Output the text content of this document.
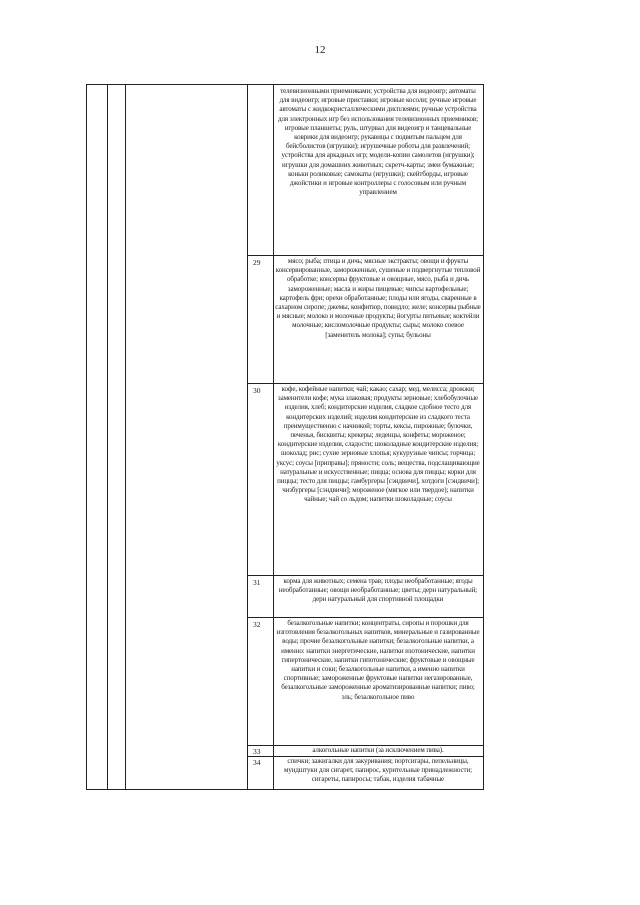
12
телевизионными приемниками; устройства для видеоигр; автоматы для видеоигр; игровые приставки; игровые косоли; ручные игровые автоматы с жидкокристаллическими дисплеями; ручные устройства для электронных игр без использования телевизионных приемников; игровые планшеты; руль, штурвал для видеоигр и танцевальные коврики для видеоигр; рукавицы с подвитым пальцем для бейсболистов (игрушки); игрушечные роботы для развлечений; устройства для аркадных игр; модели-копии самолетов (игрушки); игрушки для домашних животных; скретч-карты; змеи бумажные; коньки роликовые; самокаты (игрушки); скейтборды, игровые джойстики и игровые контроллеры с голосовым или ручным управлением
29	мясо; рыба; птица и дичь; мясные экстракты; овощи и фрукты консервированные, замороженные, сушеные и подвергнутые тепловой обработке; консервы фруктовые и овощные, мясо, рыба и дичь замороженные; масла и жиры пищевые; чипсы картофельные; картофель фри; орехи обработанные; плоды или ягоды, сваренные в сахарном сиропе; джемы, конфитюр, повидло; желе; консервы рыбные и мясные; молоко и молочные продукты; йогурты питьевые; коктейли молочные; кисломолочные продукты; сыры; молоко соевое [заменитель молока]; супы; бульоны
30	кофе, кофейные напитки; чай; какао; сахар; мед, мелисса; дрожжи; заменители кофе; мука злаковая; продукты зерновые; хлебобулочные изделия, хлеб; кондитерские изделия, сладкое сдобное тесто для кондитерских изделий; изделия кондитерские из сладкого теста преимущественно с начинкой; торты, кексы, пирожные; булочки, печенья, бисквиты; крекеры; леденцы, конфеты; мороженое; кондитерские изделия, сладости; шоколадные кондитерские изделия; шоколад; рис; сухие зерновые хлопья; кукурузные чипсы; горчица; уксус; соусы [приправы]; пряности; соль; вещества, подслащивающие натуральные и искусственные; пицца; основа для пиццы; корки для пиццы; тесто для пиццы; гамбургеры [сэндвичи], хотдоги [сэндвичи]; чизбургеры [сэндвичи]; мороженое (мягкое или твердое); напитки чайные; чай со льдом; напитки шоколадные; соусы
31	корма для животных; семена трав; плоды необработанные; ягоды необработанные; овощи необработанные; цветы; дерн натуральный; дерн натуральный для спортивной площадки
32	безалкогольные напитки; концентраты, сиропы и порошки для изготовления безалкогольных напитков, минеральные и газированные воды; прочие безалкогольные напитки; безалкогольные напитки, а именно: напитки энергетические, напитки изотонические, напитки гипертонические, напитки гипотонические; фруктовые и овощные напитки и соки; безалкогольные напитки, а именно напитки спортивные; замороженные фруктовые напитки негазированные, безалкогольные замороженные ароматизированные напитки; пиво; эль; безалкогольное пиво
33	алкогольные напитки (за исключением пива).
34	спички; зажигалки для закуривания; портсигары, пепельницы, мундштуки для сигарет, папирос, курительные принадлежности; сигареты, папиросы; табак, изделия табачные
